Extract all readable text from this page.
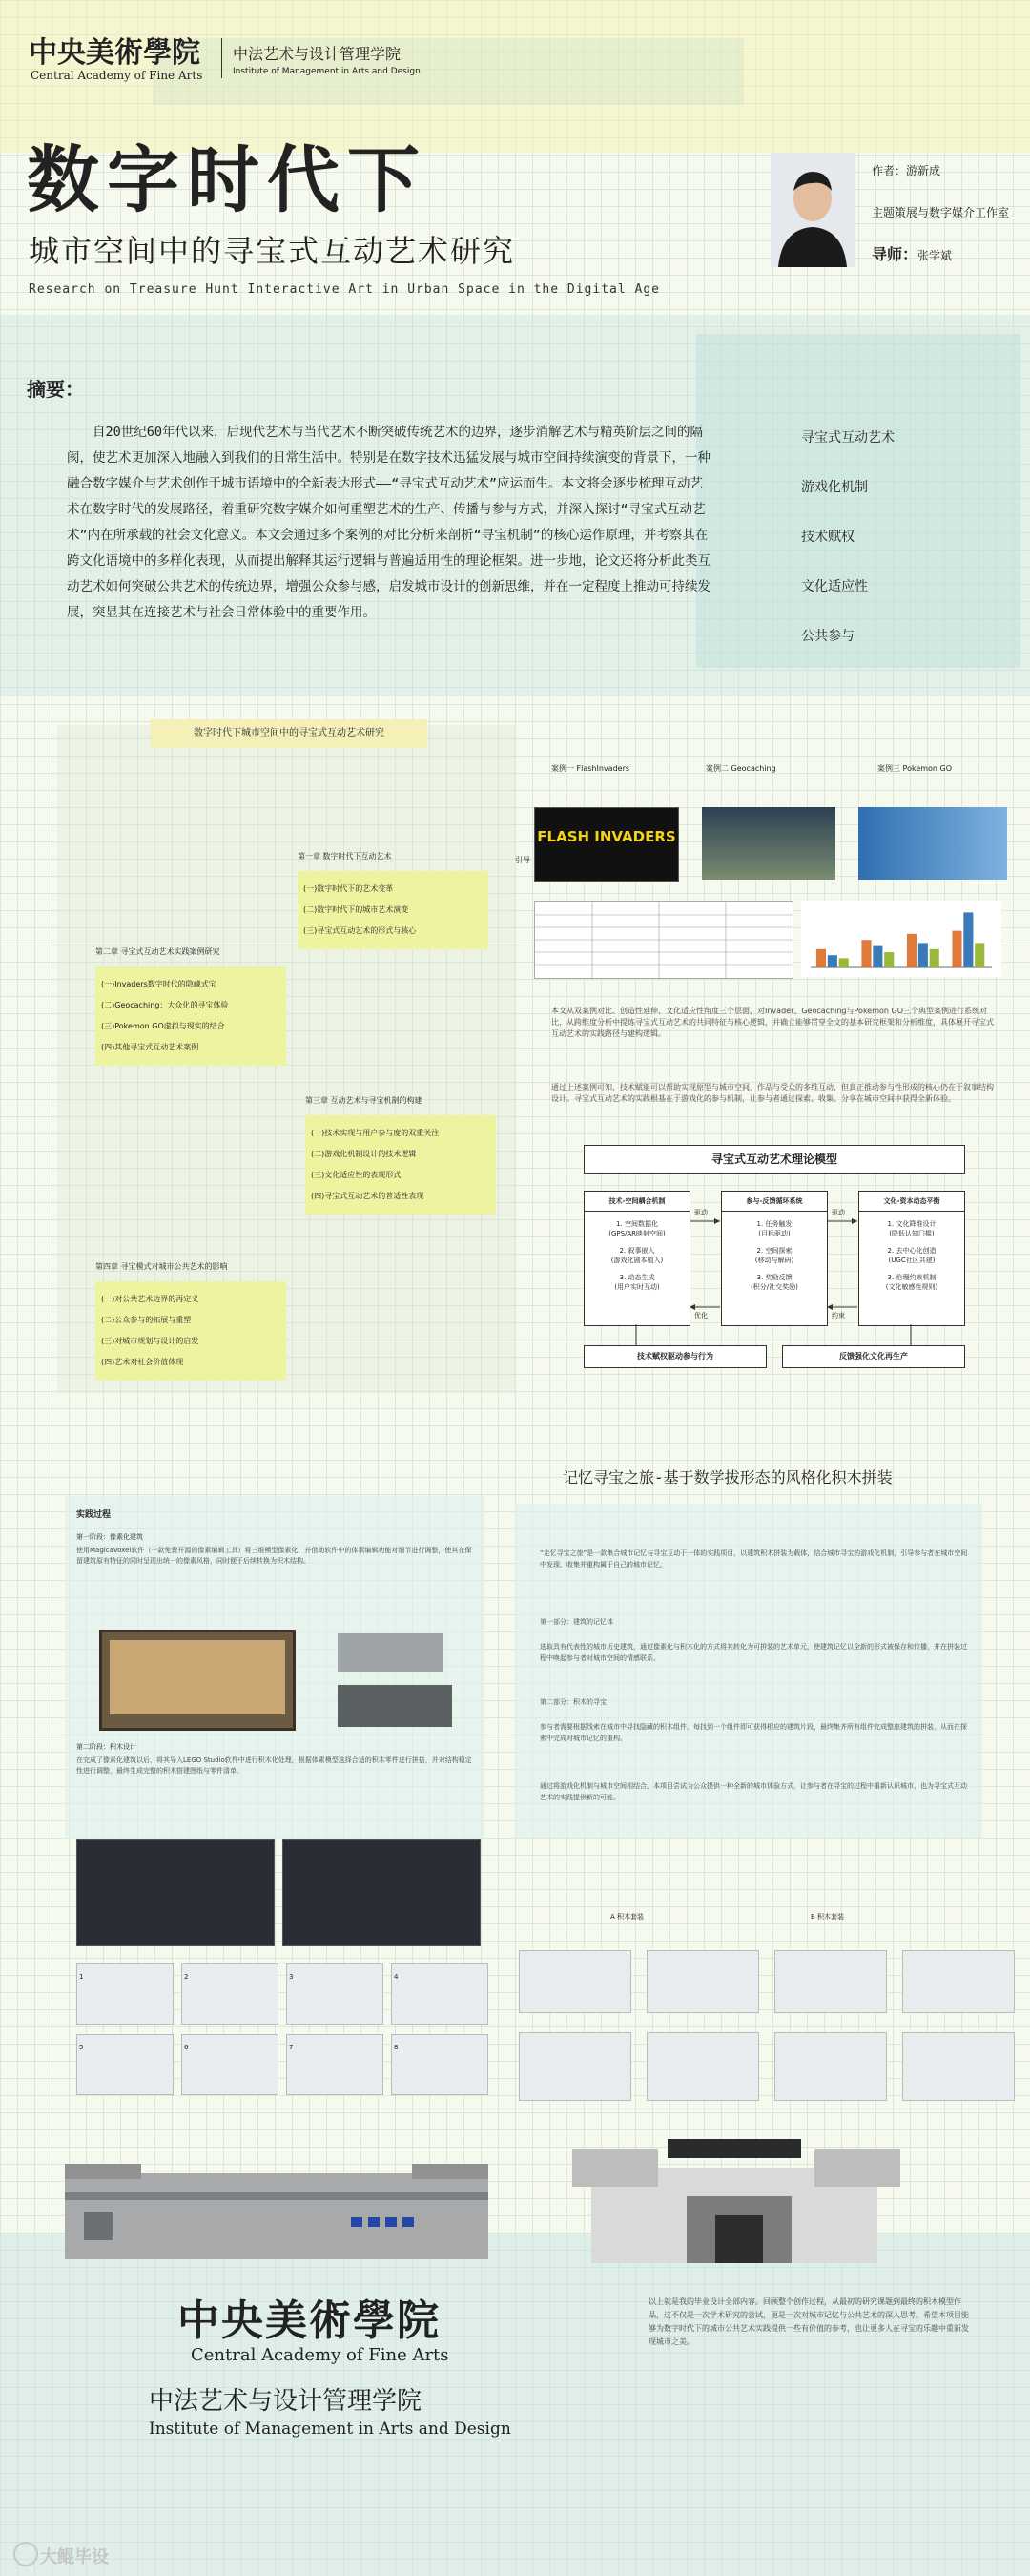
中央美術學院
Central Academy of Fine Arts
中法艺术与设计管理学院
Institute of Management in Arts and Design
数字时代下
城市空间中的寻宝式互动艺术研究
Research on Treasure Hunt Interactive Art in Urban Space in the Digital Age
作者：游新成
主题策展与数字媒介工作室
导师：张学斌
摘要：
自20世纪60年代以来，后现代艺术与当代艺术不断突破传统艺术的边界，逐步消解艺术与精英阶层之间的隔阂，使艺术更加深入地融入到我们的日常生活中。特别是在数字技术迅猛发展与城市空间持续演变的背景下，一种融合数字媒介与艺术创作于城市语境中的全新表达形式——“寻宝式互动艺术”应运而生。本文将会逐步梳理互动艺术在数字时代的发展路径，着重研究数字媒介如何重塑艺术的生产、传播与参与方式，并深入探讨“寻宝式互动艺术”内在所承载的社会文化意义。本文会通过多个案例的对比分析来剖析“寻宝机制”的核心运作原理，并考察其在跨文化语境中的多样化表现，从而提出解释其运行逻辑与普遍适用性的理论框架。进一步地，论文还将分析此类互动艺术如何突破公共艺术的传统边界，增强公众参与感，启发城市设计的创新思维，并在一定程度上推动可持续发展，突显其在连接艺术与社会日常体验中的重要作用。
寻宝式互动艺术
游戏化机制
技术赋权
文化适应性
公共参与
数字时代下城市空间中的寻宝式互动艺术研究
第一章 数字时代下互动艺术
(一)数字时代下的艺术变革
(二)数字时代下的城市艺术演变
(三)寻宝式互动艺术的形式与核心
第二章 寻宝式互动艺术实践案例研究
(一)Invaders数字时代的隐藏式宝
(二)Geocaching：大众化的寻宝体验
(三)Pokemon GO虚拟与现实的结合
(四)其他寻宝式互动艺术案例
第三章 互动艺术与寻宝机制的构建
(一)技术实现与用户参与度的双重关注
(二)游戏化机制设计的技术逻辑
(三)文化适应性的表现形式
(四)寻宝式互动艺术的普适性表现
第四章 寻宝模式对城市公共艺术的影响
(一)对公共艺术边界的再定义
(二)公众参与的拓展与重塑
(三)对城市规划与设计的启发
(四)艺术对社会价值体现
引导
案例一 FlashInvaders	案例二 Geocaching	案例三 Pokemon GO
FLASH INVADERS
本文从双案例对比、创造性延伸、文化适应性角度三个层面，对Invader、Geocaching与Pokemon GO三个典型案例进行系统对比，从跨维度分析中提炼寻宝式互动艺术的共同特征与核心逻辑，并确立能够贯穿全文的基本研究框架和分析维度，具体展开寻宝式互动艺术的实践路径与建构逻辑。
通过上述案例可知，技术赋能可以帮助实现原型与城市空间、作品与受众的多维互动，但真正推动参与性形成的核心仍在于叙事结构设计。寻宝式互动艺术的实践根基在于游戏化的参与机制，让参与者通过探索、收集、分享在城市空间中获得全新体验。
寻宝式互动艺术理论模型
技术-空间耦合机制
1. 空间数据化
(GPS/AR映射空间)
2. 叙事嵌入
(游戏化剧本植入)
3. 动态生成
(用户实时互动)
参与-反馈循环系统
1. 任务触发
(目标驱动)
2. 空间探索
(移动与解码)
3. 奖励反馈
(积分/社交奖励)
文化-资本动态平衡
1. 文化降维设计
(降低认知门槛)
2. 去中心化创造
(UGC社区共建)
3. 伦理约束机制
(文化敏感性规则)
驱动	驱动
优化	约束
技术赋权驱动参与行为	反馈强化文化再生产
记忆寻宝之旅-基于数学拔形态的风格化积木拼装
实践过程
第一阶段：像素化建筑
使用MagicaVoxel软件（一款免费开源的像素编辑工具）将三维模型像素化，并借助软件中的体素编辑功能对细节进行调整，使其在保留建筑原有特征的同时呈现出统一的像素风格，同时便于后续转换为积木结构。
第二阶段：积木设计
在完成了像素化建筑以后，将其导入LEGO Studio软件中进行积木化处理，根据体素模型选择合适的积木零件进行拼搭，并对结构稳定性进行调整，最终生成完整的积木搭建图纸与零件清单。
1	2	3	4
5	6	7	8
“走忆寻宝之旅”是一款集合城市记忆与寻宝互动于一体的实践项目，以建筑积木拼装为载体，结合城市寻宝的游戏化机制，引导参与者在城市空间中发现、收集并重构属于自己的城市记忆。
第一部分：建筑的记忆体
选取具有代表性的城市历史建筑，通过像素化与积木化的方式将其转化为可拼装的艺术单元，使建筑记忆以全新的形式被保存和传播，并在拼装过程中唤起参与者对城市空间的情感联系。
第二部分：积木的寻宝
参与者需要根据线索在城市中寻找隐藏的积木组件，每找到一个组件即可获得相应的建筑片段，最终集齐所有组件完成整座建筑的拼装，从而在探索中完成对城市记忆的重构。
通过将游戏化机制与城市空间相结合，本项目尝试为公众提供一种全新的城市体验方式，让参与者在寻宝的过程中重新认识城市，也为寻宝式互动艺术的实践提供新的可能。
A 积木套装	B 积木套装
中央美術學院
Central Academy of Fine Arts
中法艺术与设计管理学院
Institute of Management in Arts and Design
以上就是我的毕业设计全部内容。回顾整个创作过程，从最初的研究课题到最终的积木模型作品，这不仅是一次学术研究的尝试，更是一次对城市记忆与公共艺术的深入思考。希望本项目能够为数字时代下的城市公共艺术实践提供一些有价值的参考，也让更多人在寻宝的乐趣中重新发现城市之美。
大鲲毕设
